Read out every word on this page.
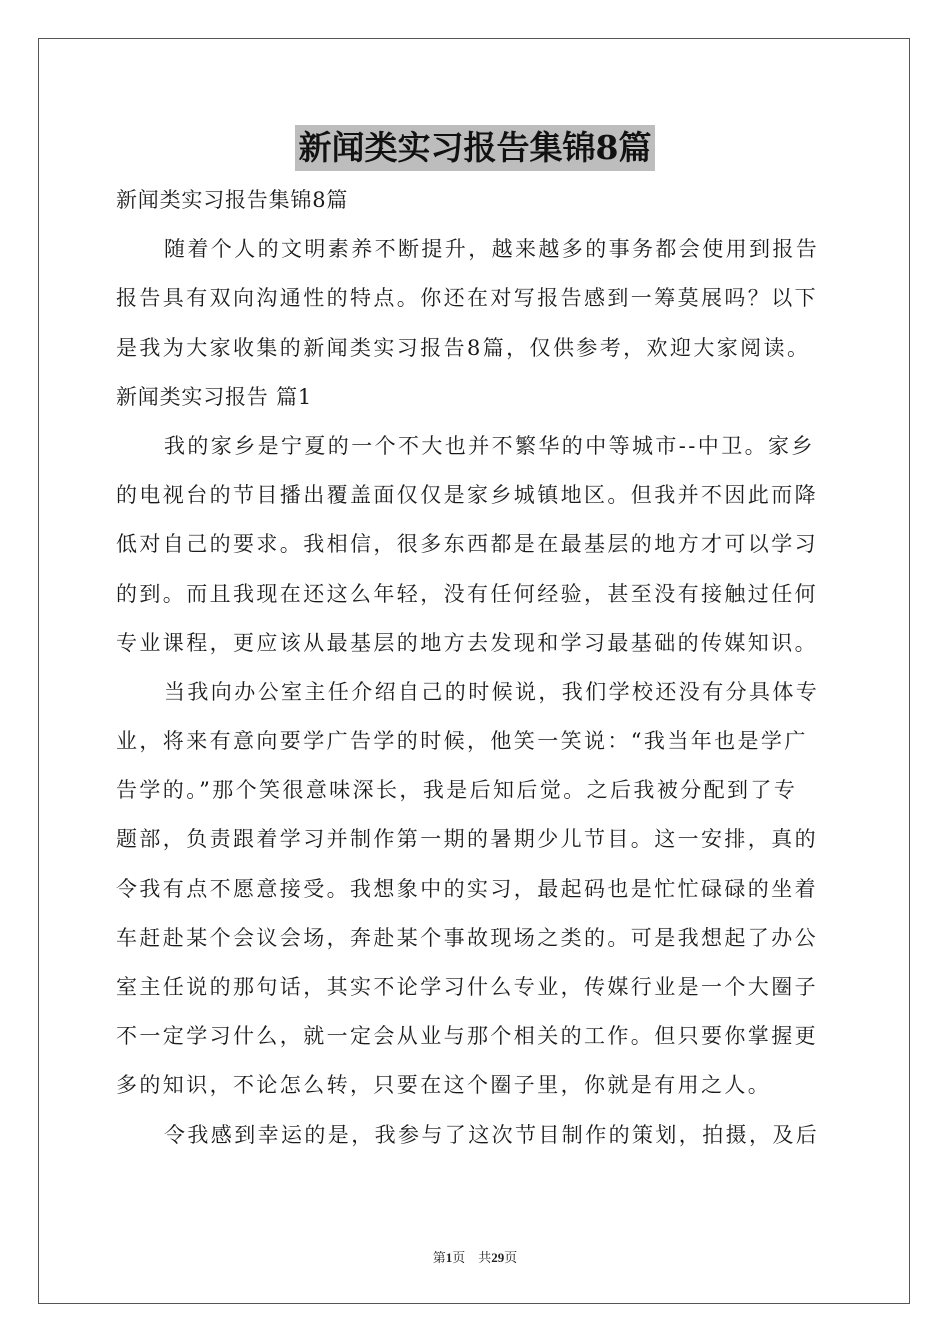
新闻类实习报告集锦8篇
新闻类实习报告集锦8篇
随着个人的文明素养不断提升，越来越多的事务都会使用到报告
报告具有双向沟通性的特点。你还在对写报告感到一筹莫展吗？以下
是我为大家收集的新闻类实习报告8篇，仅供参考，欢迎大家阅读。
新闻类实习报告 篇1
我的家乡是宁夏的一个不大也并不繁华的中等城市--中卫。家乡
的电视台的节目播出覆盖面仅仅是家乡城镇地区。但我并不因此而降
低对自己的要求。我相信，很多东西都是在最基层的地方才可以学习
的到。而且我现在还这么年轻，没有任何经验，甚至没有接触过任何
专业课程，更应该从最基层的地方去发现和学习最基础的传媒知识。
当我向办公室主任介绍自己的时候说，我们学校还没有分具体专
业，将来有意向要学广告学的时候，他笑一笑说：“我当年也是学广
告学的。”那个笑很意味深长，我是后知后觉。之后我被分配到了专
题部，负责跟着学习并制作第一期的暑期少儿节目。这一安排，真的
令我有点不愿意接受。我想象中的实习，最起码也是忙忙碌碌的坐着
车赶赴某个会议会场，奔赴某个事故现场之类的。可是我想起了办公
室主任说的那句话，其实不论学习什么专业，传媒行业是一个大圈子
不一定学习什么，就一定会从业与那个相关的工作。但只要你掌握更
多的知识，不论怎么转，只要在这个圈子里，你就是有用之人。
令我感到幸运的是，我参与了这次节目制作的策划，拍摄，及后
第1页　共29页
